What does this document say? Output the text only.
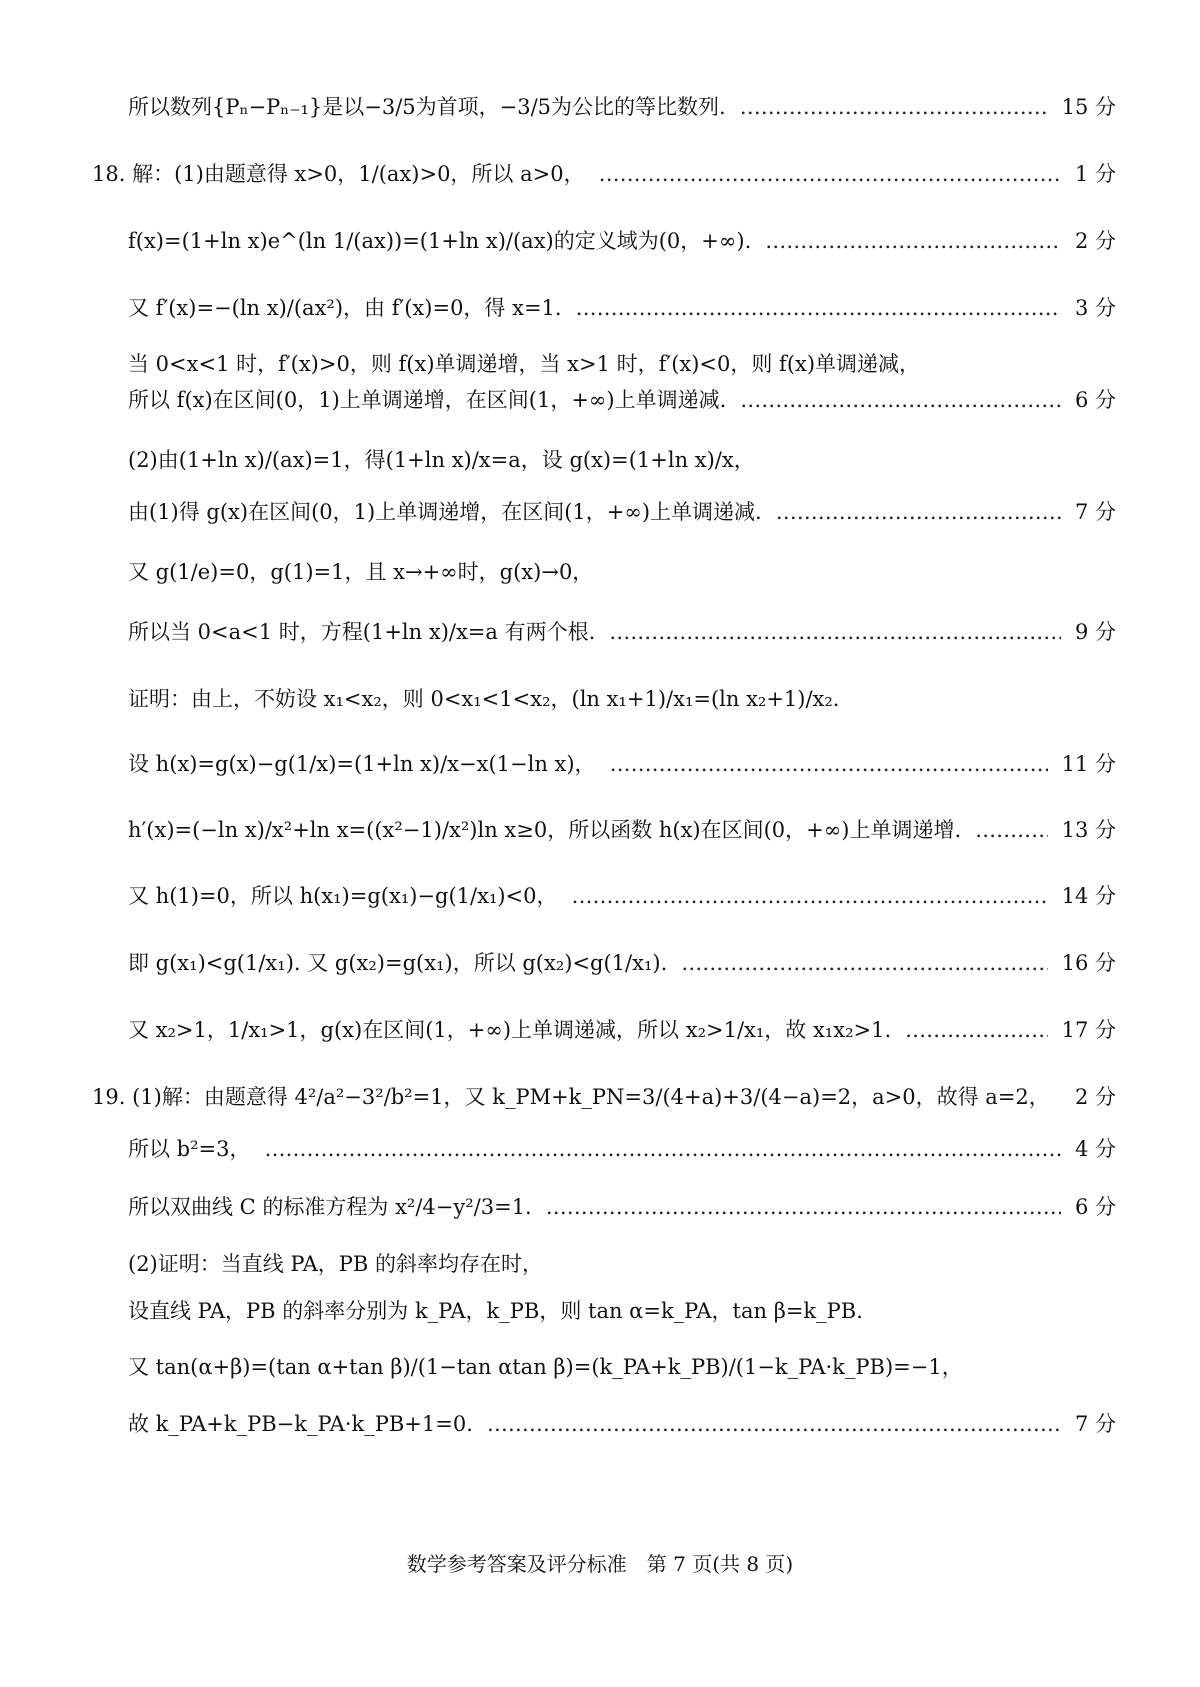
所以数列{Pₙ−Pₙ₋₁}是以−3/5为首项，−3/5为公比的等比数列. ……………………………………………………………………………………………………………………………………………………………………………………………………………………………………………………………	15 分
18. 解：(1)由题意得 x>0，1/(ax)>0，所以 a>0， ……………………………………………………………………………………………………………………………………………………………………………………………………………………………………………………………	1 分
f(x)=(1+ln x)e^(ln 1/(ax))=(1+ln x)/(ax)的定义域为(0，+∞). ……………………………………………………………………………………………………………………………………………………………………………………………………………………………………………………………	2 分
又 f′(x)=−(ln x)/(ax²)，由 f′(x)=0，得 x=1. ……………………………………………………………………………………………………………………………………………………………………………………………………………………………………………………………	3 分
当 0<x<1 时，f′(x)>0，则 f(x)单调递增，当 x>1 时，f′(x)<0，则 f(x)单调递减，
所以 f(x)在区间(0，1)上单调递增，在区间(1，+∞)上单调递减. ……………………………………………………………………………………………………………………………………………………………………………………………………………………………………………………………	6 分
(2)由(1+ln x)/(ax)=1，得(1+ln x)/x=a，设 g(x)=(1+ln x)/x，
由(1)得 g(x)在区间(0，1)上单调递增，在区间(1，+∞)上单调递减. ……………………………………………………………………………………………………………………………………………………………………………………………………………………………………………………………	7 分
又 g(1/e)=0，g(1)=1，且 x→+∞时，g(x)→0，
所以当 0<a<1 时，方程(1+ln x)/x=a 有两个根. ……………………………………………………………………………………………………………………………………………………………………………………………………………………………………………………………	9 分
证明：由上，不妨设 x₁<x₂，则 0<x₁<1<x₂，(ln x₁+1)/x₁=(ln x₂+1)/x₂.
设 h(x)=g(x)−g(1/x)=(1+ln x)/x−x(1−ln x)， ……………………………………………………………………………………………………………………………………………………………………………………………………………………………………………………………	11 分
h′(x)=(−ln x)/x²+ln x=((x²−1)/x²)ln x≥0，所以函数 h(x)在区间(0，+∞)上单调递增. ……………………………………………………………………………………………………………………………………………………………………………………………………………………………………………………………	13 分
又 h(1)=0，所以 h(x₁)=g(x₁)−g(1/x₁)<0， ……………………………………………………………………………………………………………………………………………………………………………………………………………………………………………………………	14 分
即 g(x₁)<g(1/x₁). 又 g(x₂)=g(x₁)，所以 g(x₂)<g(1/x₁). ……………………………………………………………………………………………………………………………………………………………………………………………………………………………………………………………	16 分
又 x₂>1，1/x₁>1，g(x)在区间(1，+∞)上单调递减，所以 x₂>1/x₁，故 x₁x₂>1. ……………………………………………………………………………………………………………………………………………………………………………………………………………………………………………………………	17 分
19. (1)解：由题意得 4²/a²−3²/b²=1，又 k_PM+k_PN=3/(4+a)+3/(4−a)=2，a>0，故得 a=2， 2 分
所以 b²=3， ……………………………………………………………………………………………………………………………………………………………………………………………………………………………………………………………	4 分
所以双曲线 C 的标准方程为 x²/4−y²/3=1. ……………………………………………………………………………………………………………………………………………………………………………………………………………………………………………………………	6 分
(2)证明：当直线 PA，PB 的斜率均存在时，
设直线 PA，PB 的斜率分别为 k_PA，k_PB，则 tan α=k_PA，tan β=k_PB.
又 tan(α+β)=(tan α+tan β)/(1−tan αtan β)=(k_PA+k_PB)/(1−k_PA·k_PB)=−1，
故 k_PA+k_PB−k_PA·k_PB+1=0. ……………………………………………………………………………………………………………………………………………………………………………………………………………………………………………………………	7 分
数学参考答案及评分标准　第 7 页(共 8 页)
